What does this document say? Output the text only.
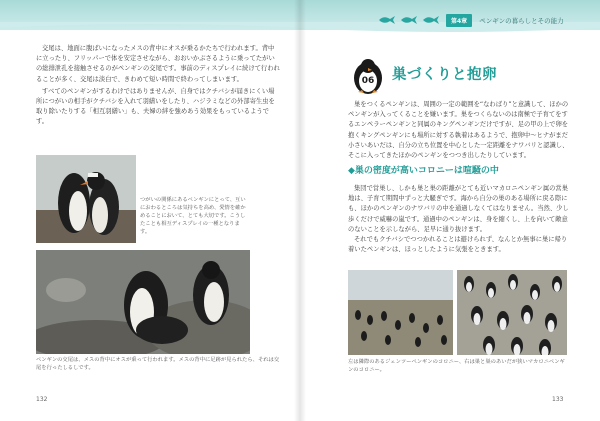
第4章	ペンギンの暮らしとその能力

交尾は、地面に腹ばいになったメスの背中にオスが乗るかたちで行われます。背中に立ったり、フリッパーで体を安定させながら、おおいかぶさるように乗ってたがいの総排泄孔を接触させるのがペンギンの交尾です。事前のディスプレイに続けて行われることが多く、交尾は淡白で、きわめて短い時間で終わってしまいます。

すべてのペンギンがするわけではありませんが、自身ではクチバシが届きにくい場所につがいの相手がクチバシを入れて羽繕いをしたり、ハジラミなどの外部寄生虫を取り除いたりする「相互羽繕い」も、夫婦の絆を強めあう効果をもっているようです。

つがいの関係にあるペンギンにとって、互いにおわるところは気持ちを高め、愛情を確かめることにおいて、とても大切です。こうしたことも相互ディスプレイの一種となります。
ペンギンの交尾は、メスの背中にオスが乗って行われます。メスの背中に足跡が見られたら、それは交尾を行ったしるしです。
132
06 巣づくりと抱卵

巣をつくるペンギンは、周囲の一定の範囲を“なわばり”と意識して、ほかのペンギンが入ってくることを嫌います。巣をつくらないのは南極で子育てをするエンペラーペンギンと同属のキングペンギンだけですが、足の甲の上で卵を抱くキングペンギンにも場所に対する執着はあるようで、抱卵中〜ヒナがまだ小さいあいだは、自分の立ち位置を中心とした一定距離をナワバリと認識し、そこに入ってきたほかのペンギンをつつき出したりしています。

◆巣の密度が高いコロニーは喧騒の中

集団で営巣し、しかも巣と巣の距離がとても近いマカロニペンギン属の営巣地は、子育て期間中ずっと大騒ぎです。海から自分の巣のある場所に戻る際にも、ほかのペンギンのナワバリの中を通過しなくてはなりません。当然、少し歩くだけで威嚇の嵐です。通過中のペンギンは、身を縮くし、上を向いて敵意のないことを示しながら、足早に通り抜けます。

それでもクチバシでつつかれることは避けられず、なんとか無事に巣に帰り着いたペンギンは、ほっとしたように気張をときます。

左は隣際のあるジェンツーペンギンのコロニー、右は巣と巣のあいだが狭いマカロニペンギンのコロニー。
133
